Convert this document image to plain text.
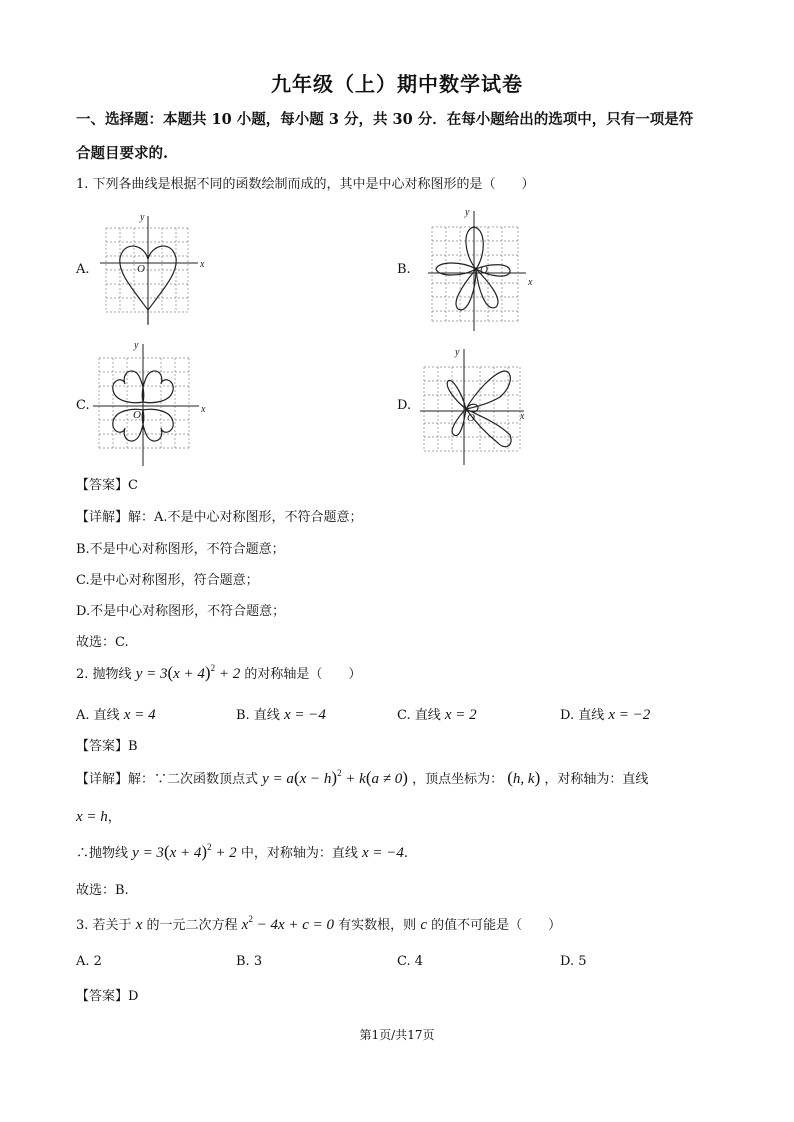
九年级（上）期中数学试卷
一、选择题：本题共 10 小题，每小题 3 分，共 30 分．在每小题给出的选项中，只有一项是符
合题目要求的.
1. 下列各曲线是根据不同的函数绘制而成的，其中是中心对称图形的是（　　）
A.	x
y
O	B.
x
y
O
C.	x
y
O
D.
x
y
O
【答案】C
【详解】解：A.不是中心对称图形，不符合题意；
B.不是中心对称图形，不符合题意；
C.是中心对称图形，符合题意；
D.不是中心对称图形，不符合题意；
故选：C.
2. 抛物线 $y = 3(x + 4)^2 + 2$ 的对称轴是（　　）
A. 直线 x = 4	B. 直线 x = −4	C. 直线 x = 2	D. 直线 x = −2
【答案】B
【详解】解：∵二次函数顶点式 $y = a(x - h)^2 + k(a \ne 0)$ ，顶点坐标为： (h, k) ，对称轴为：直线
x = h，
∴抛物线 $y = 3(x + 4)^2 + 2$ 中，对称轴为：直线 x = −4.
故选：B.
3. 若关于 x 的一元二次方程 $x^2 - 4x + c = 0$ 有实数根，则 c 的值不可能是（　　）
A. 2	B. 3	C. 4	D. 5
【答案】D
第1页/共17页
